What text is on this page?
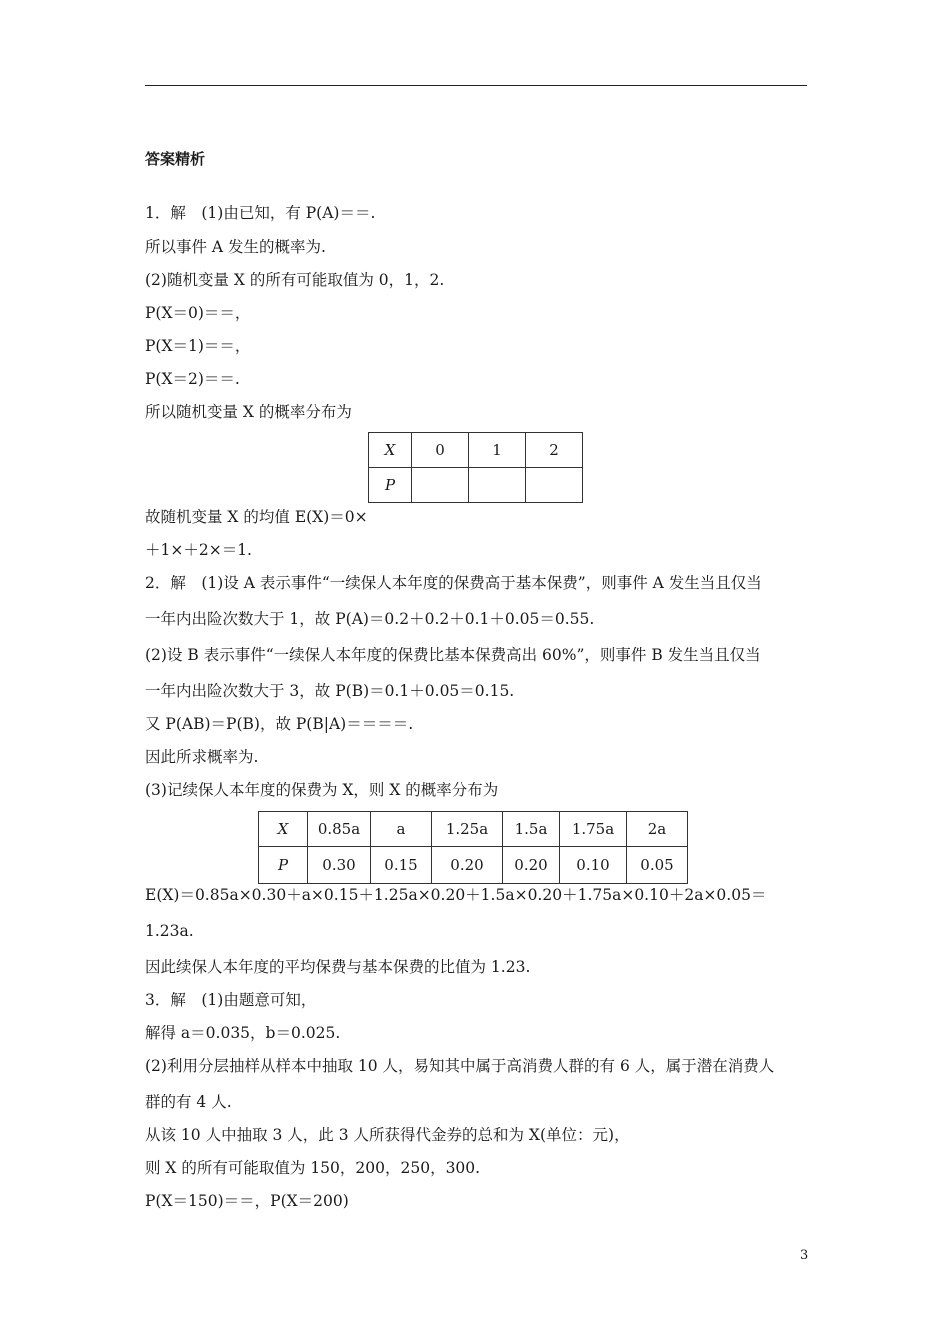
答案精析
1．解　(1)由已知，有 P(A)＝＝.
所以事件 A 发生的概率为.
(2)随机变量 X 的所有可能取值为 0，1，2.
P(X＝0)＝＝，
P(X＝1)＝＝，
P(X＝2)＝＝.
所以随机变量 X 的概率分布为
X	0	1	2
P			
故随机变量 X 的均值 E(X)＝0×
＋1×＋2×＝1.
2．解　(1)设 A 表示事件“一续保人本年度的保费高于基本保费”，则事件 A 发生当且仅当
一年内出险次数大于 1，故 P(A)＝0.2＋0.2＋0.1＋0.05＝0.55.
(2)设 B 表示事件“一续保人本年度的保费比基本保费高出 60%”，则事件 B 发生当且仅当
一年内出险次数大于 3，故 P(B)＝0.1＋0.05＝0.15.
又 P(AB)＝P(B)，故 P(B|A)＝＝＝＝.
因此所求概率为.
(3)记续保人本年度的保费为 X，则 X 的概率分布为
X	0.85a	a	1.25a	1.5a	1.75a	2a
P	0.30	0.15	0.20	0.20	0.10	0.05
E(X)＝0.85a×0.30＋a×0.15＋1.25a×0.20＋1.5a×0.20＋1.75a×0.10＋2a×0.05＝
1.23a.
因此续保人本年度的平均保费与基本保费的比值为 1.23.
3．解　(1)由题意可知，
解得 a＝0.035，b＝0.025.
(2)利用分层抽样从样本中抽取 10 人，易知其中属于高消费人群的有 6 人，属于潜在消费人
群的有 4 人.
从该 10 人中抽取 3 人，此 3 人所获得代金券的总和为 X(单位：元)，
则 X 的所有可能取值为 150，200，250，300.
P(X＝150)＝＝，P(X＝200)
3
